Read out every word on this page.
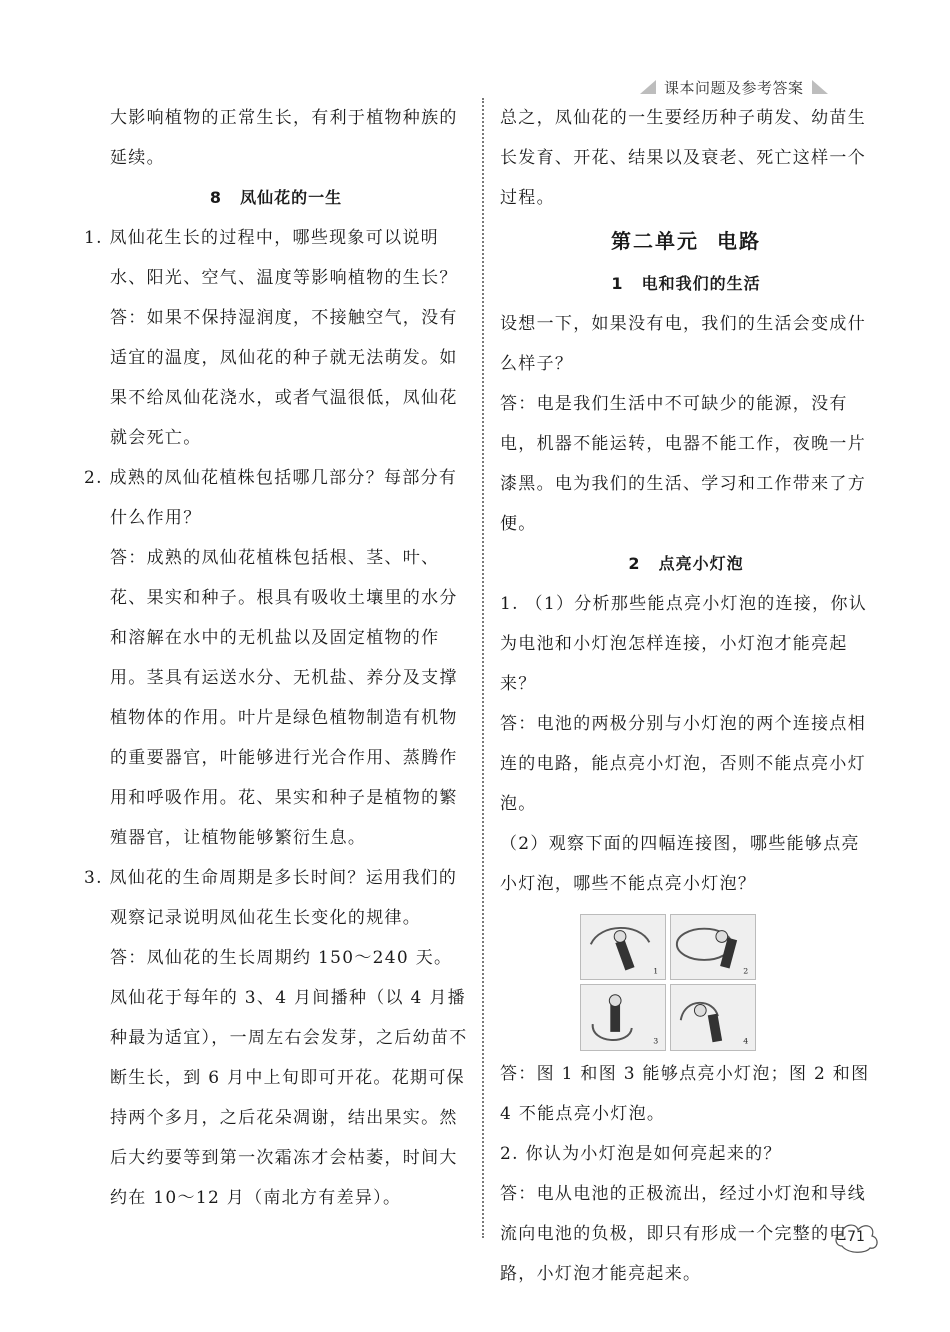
课本问题及参考答案

大影响植物的正常生长，有利于植物种族的延续。

8 凤仙花的一生

1. 凤仙花生长的过程中，哪些现象可以说明水、阳光、空气、温度等影响植物的生长？

答：如果不保持湿润度，不接触空气，没有适宜的温度，凤仙花的种子就无法萌发。如果不给凤仙花浇水，或者气温很低，凤仙花就会死亡。

2. 成熟的凤仙花植株包括哪几部分？每部分有什么作用？

答：成熟的凤仙花植株包括根、茎、叶、花、果实和种子。根具有吸收土壤里的水分和溶解在水中的无机盐以及固定植物的作用。茎具有运送水分、无机盐、养分及支撑植物体的作用。叶片是绿色植物制造有机物的重要器官，叶能够进行光合作用、蒸腾作用和呼吸作用。花、果实和种子是植物的繁殖器官，让植物能够繁衍生息。

3. 凤仙花的生命周期是多长时间？运用我们的观察记录说明凤仙花生长变化的规律。

答：凤仙花的生长周期约 150～240 天。

凤仙花于每年的 3、4 月间播种（以 4 月播种最为适宜），一周左右会发芽，之后幼苗不断生长，到 6 月中上旬即可开花。花期可保持两个多月，之后花朵凋谢，结出果实。然后大约要等到第一次霜冻才会枯萎，时间大约在 10～12 月（南北方有差异）。

总之，凤仙花的一生要经历种子萌发、幼苗生长发育、开花、结果以及衰老、死亡这样一个过程。

第二单元 电路

1 电和我们的生活

设想一下，如果没有电，我们的生活会变成什么样子？

答：电是我们生活中不可缺少的能源，没有电，机器不能运转，电器不能工作，夜晚一片漆黑。电为我们的生活、学习和工作带来了方便。

2 点亮小灯泡

1. （1）分析那些能点亮小灯泡的连接，你认为电池和小灯泡怎样连接，小灯泡才能亮起来？

答：电池的两极分别与小灯泡的两个连接点相连的电路，能点亮小灯泡，否则不能点亮小灯泡。

（2）观察下面的四幅连接图，哪些能够点亮小灯泡，哪些不能点亮小灯泡？

1	2
3	4

答：图 1 和图 3 能够点亮小灯泡；图 2 和图 4 不能点亮小灯泡。

2. 你认为小灯泡是如何亮起来的？

答：电从电池的正极流出，经过小灯泡和导线流向电池的负极，即只有形成一个完整的电路，小灯泡才能亮起来。

71
